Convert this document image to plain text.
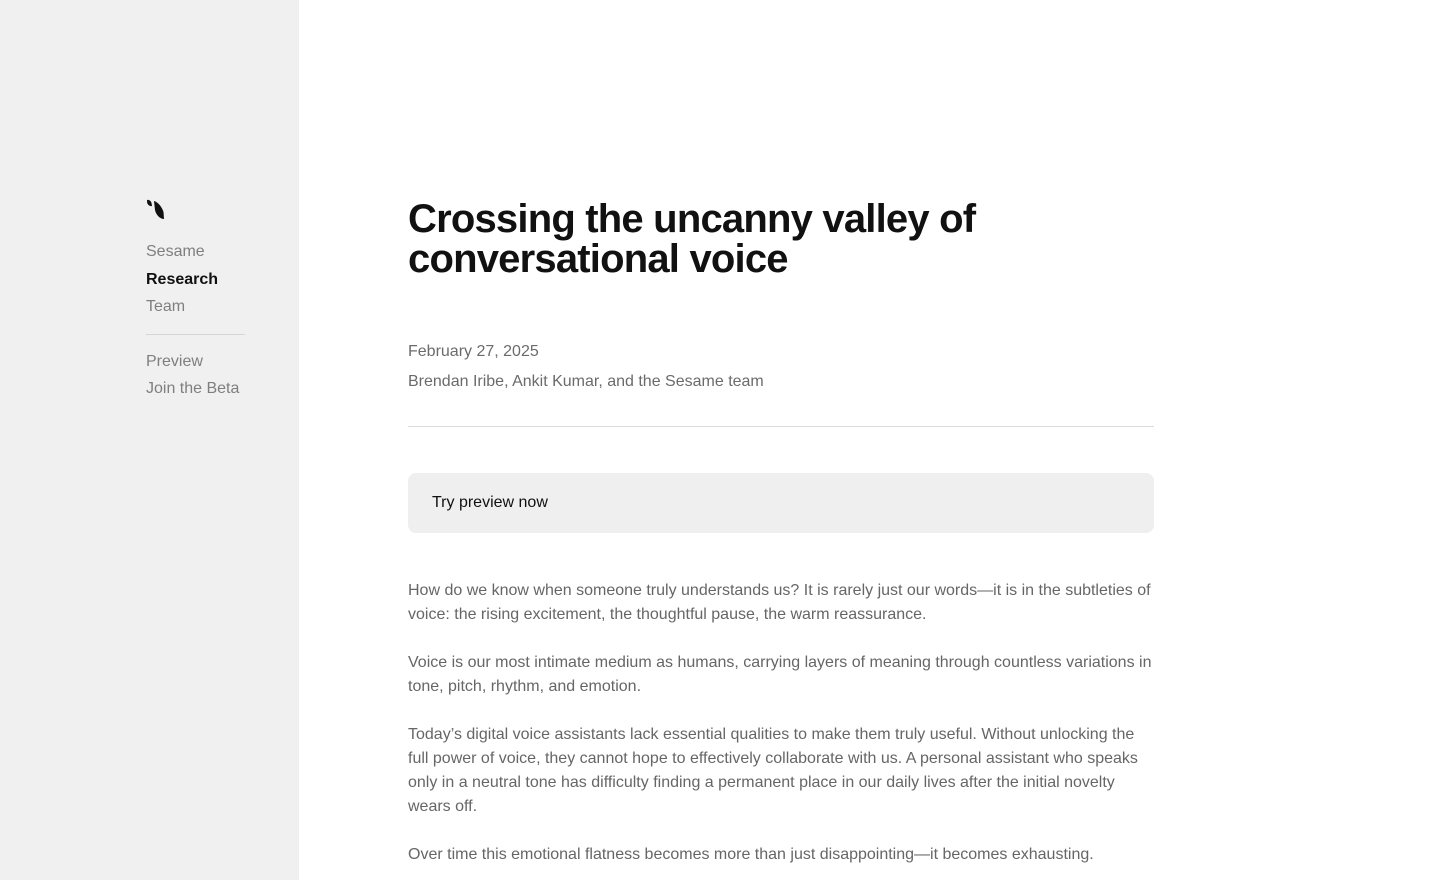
Sesame
Research
Team
Preview
Join the Beta
Crossing the uncanny valley of conversational voice
February 27, 2025
Brendan Iribe, Ankit Kumar, and the Sesame team
Try preview now

How do we know when someone truly understands us? It is rarely just our words—it is in the subtleties of voice: the rising excitement, the thoughtful pause, the warm reassurance.

Voice is our most intimate medium as humans, carrying layers of meaning through countless variations in tone, pitch, rhythm, and emotion.

Today’s digital voice assistants lack essential qualities to make them truly useful. Without unlocking the full power of voice, they cannot hope to effectively collaborate with us. A personal assistant who speaks only in a neutral tone has difficulty finding a permanent place in our daily lives after the initial novelty wears off.

Over time this emotional flatness becomes more than just disappointing—it becomes exhausting.
